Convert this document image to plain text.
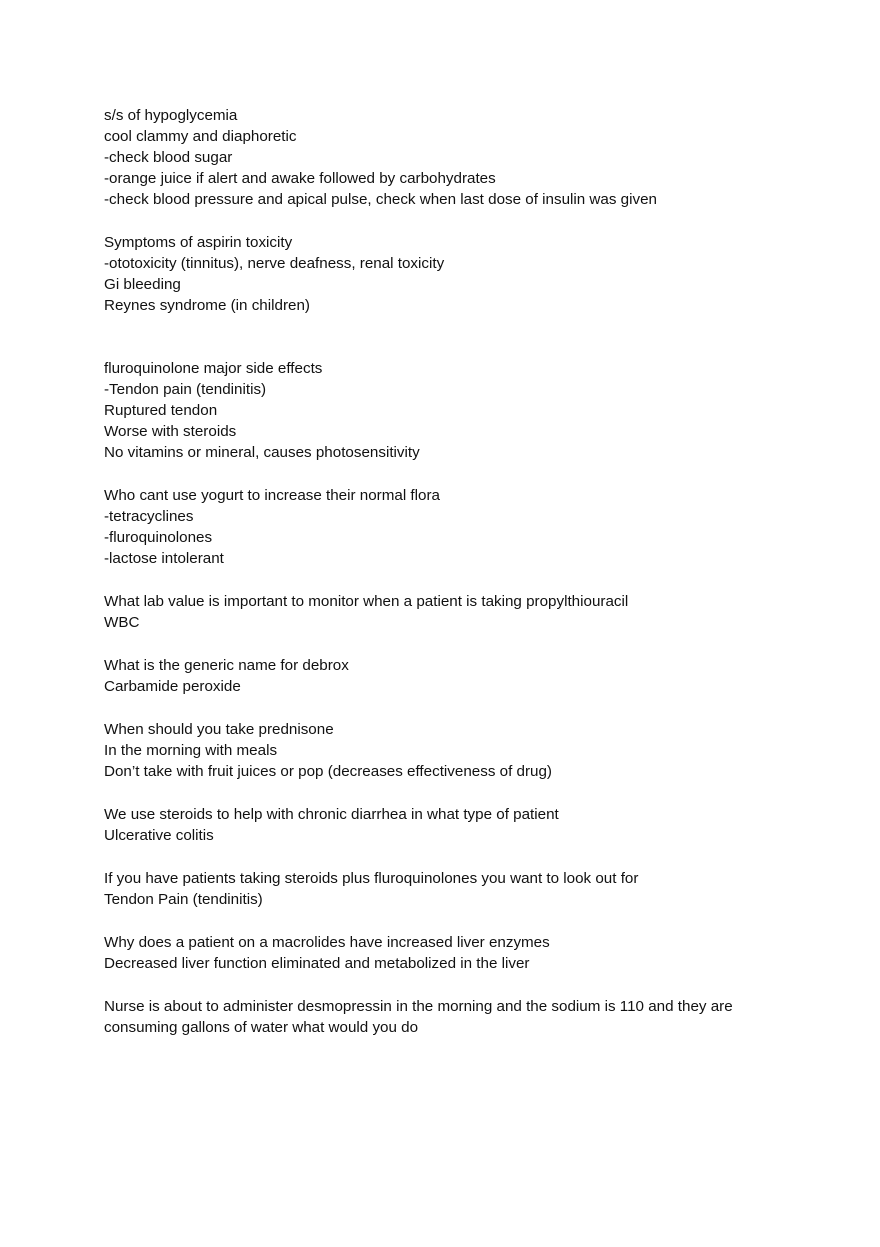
s/s of hypoglycemia
cool clammy and diaphoretic
-check blood sugar
-orange juice if alert and awake followed by carbohydrates
-check blood pressure and apical pulse, check when last dose of insulin was given
Symptoms of aspirin toxicity
-ototoxicity (tinnitus), nerve deafness, renal toxicity
Gi bleeding
Reynes syndrome (in children)
fluroquinolone major side effects
-Tendon pain (tendinitis)
Ruptured tendon
Worse with steroids
No vitamins or mineral, causes photosensitivity
Who cant use yogurt to increase their normal flora
-tetracyclines
-fluroquinolones
-lactose intolerant
What lab value is important to monitor when a patient is taking propylthiouracil
WBC
What is the generic name for debrox
Carbamide peroxide
When should you take prednisone
In the morning with meals
Don’t take with fruit juices or pop (decreases effectiveness of drug)
We use steroids to help with chronic diarrhea in what type of patient
Ulcerative colitis
If you have patients taking steroids plus fluroquinolones you want to look out for
Tendon Pain (tendinitis)
Why does a patient on a macrolides have increased liver enzymes
Decreased liver function eliminated and metabolized in the liver
Nurse is about to administer desmopressin in the morning and the sodium is 110 and they are consuming gallons of water what would you do
